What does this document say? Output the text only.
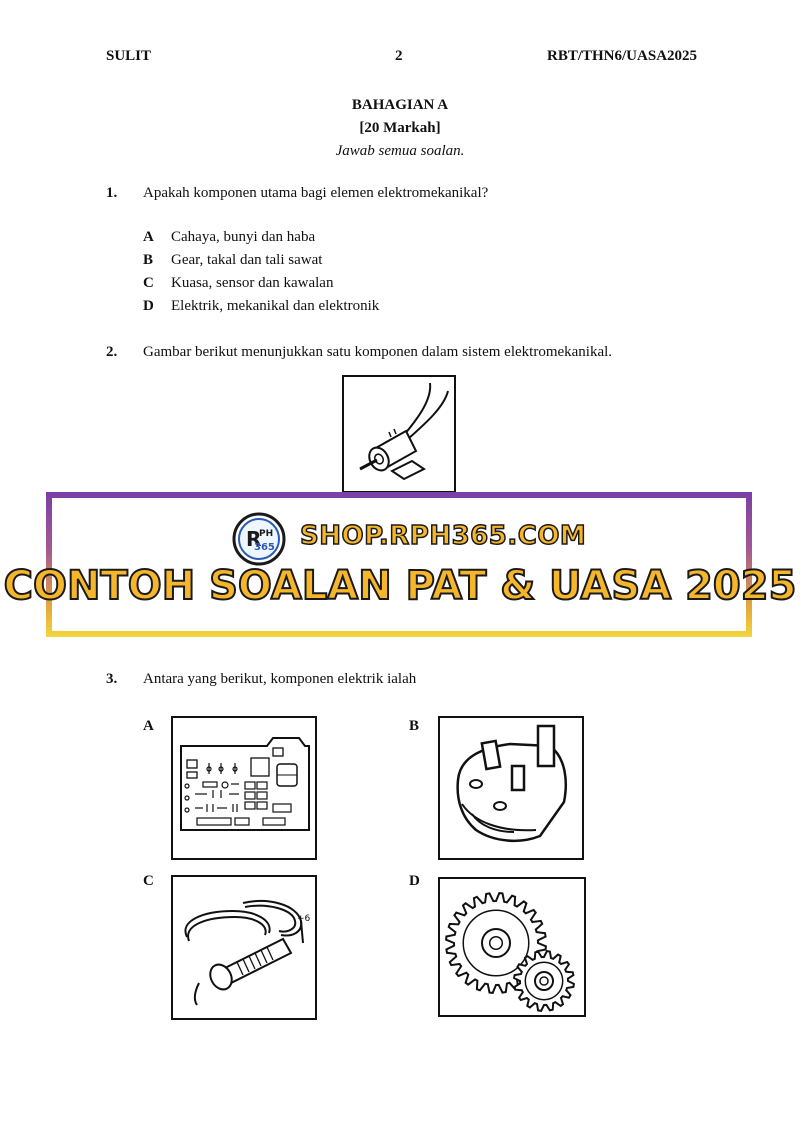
SULIT	2	RBT/THN6/UASA2025
BAHAGIAN A
[20 Markah]
Jawab semua soalan.
1. Apakah komponen utama bagi elemen elektromekanikal?
A Cahaya, bunyi dan haba
B Gear, takal dan tali sawat
C Kuasa, sensor dan kawalan
D Elektrik, mekanikal dan elektronik
2. Gambar berikut menunjukkan satu komponen dalam sistem elektromekanikal.
R
PH
365 SHOP.RPH365.COM
CONTOH SOALAN PAT & UASA 2025
3. Antara yang berikut, komponen elektrik ialah
A	B
C
+6
D
